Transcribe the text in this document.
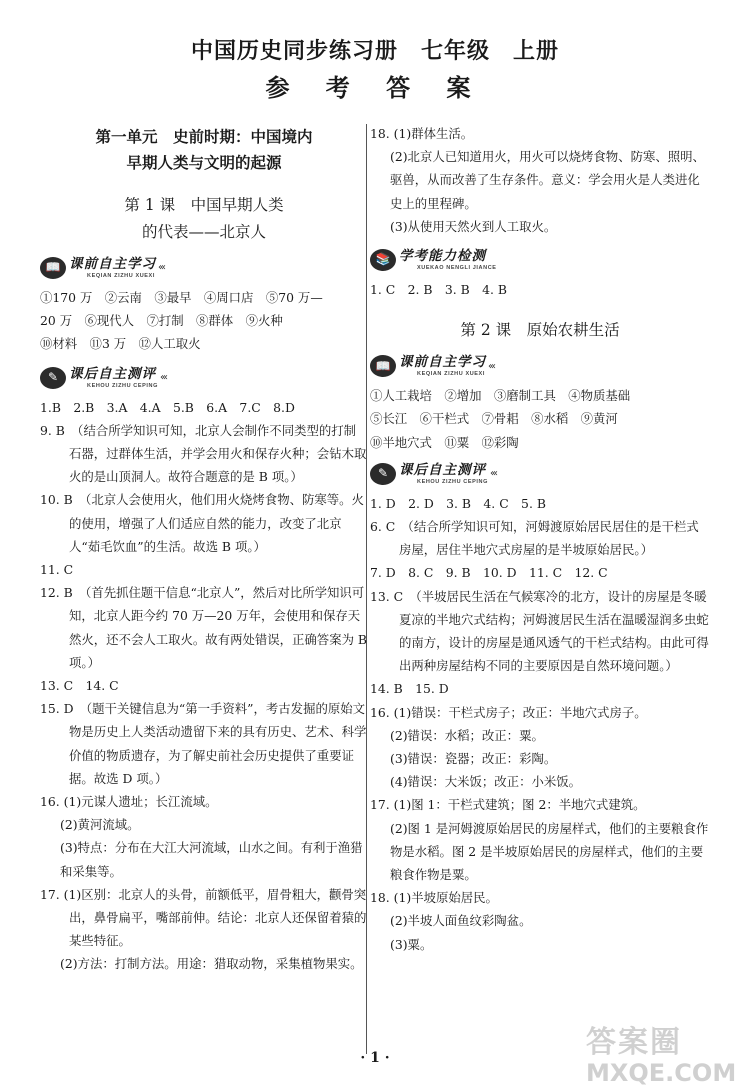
中国历史同步练习册　七年级　上册
参 考 答 案
第一单元　史前时期：中国境内
早期人类与文明的起源
第 1 课　中国早期人类
的代表——北京人
📖 课前自主学习
KEQIAN ZIZHU XUEXI
‹‹‹

①170 万　②云南　③最早　④周口店　⑤70 万—

20 万　⑥现代人　⑦打制　⑧群体　⑨火种

⑩材料　⑪3 万　⑫人工取火

✎ 课后自主测评
KEHOU ZIZHU CEPING
‹‹‹

1.B　2.B　3.A　4.A　5.B　6.A　7.C　8.D

9. B　（结合所学知识可知，北京人会制作不同类型的打制石器，过群体生活，并学会用火和保存火种；会钻木取火的是山顶洞人。故符合题意的是 B 项。）

10. B　（北京人会使用火，他们用火烧烤食物、防寒等。火的使用，增强了人们适应自然的能力，改变了北京人“茹毛饮血”的生活。故选 B 项。）

11. C

12. B　（首先抓住题干信息“北京人”，然后对比所学知识可知，北京人距今约 70 万—20 万年，会使用和保存天然火，还不会人工取火。故有两处错误，正确答案为 B 项。）

13. C　14. C

15. D　（题干关键信息为“第一手资料”，考古发掘的原始文物是历史上人类活动遗留下来的具有历史、艺术、科学价值的物质遗存，为了解史前社会历史提供了重要证据。故选 D 项。）

16. (1)元谋人遗址；长江流域。

(2)黄河流域。

(3)特点：分布在大江大河流域，山水之间。有利于渔猎和采集等。

17. (1)区别：北京人的头骨，前额低平，眉骨粗大，颧骨突出，鼻骨扁平，嘴部前伸。结论：北京人还保留着猿的某些特征。

(2)方法：打制方法。用途：猎取动物，采集植物果实。

18. (1)群体生活。

(2)北京人已知道用火，用火可以烧烤食物、防寒、照明、驱兽，从而改善了生存条件。意义：学会用火是人类进化史上的里程碑。

(3)从使用天然火到人工取火。

📚 学考能力检测
XUEKAO NENGLI JIANCE

1. C　2. B　3. B　4. B

第 2 课　原始农耕生活
📖 课前自主学习
KEQIAN ZIZHU XUEXI
‹‹‹

①人工栽培　②增加　③磨制工具　④物质基础

⑤长江　⑥干栏式　⑦骨耜　⑧水稻　⑨黄河

⑩半地穴式　⑪粟　⑫彩陶

✎ 课后自主测评
KEHOU ZIZHU CEPING
‹‹‹

1. D　2. D　3. B　4. C　5. B

6. C　（结合所学知识可知，河姆渡原始居民居住的是干栏式房屋，居住半地穴式房屋的是半坡原始居民。）

7. D　8. C　9. B　10. D　11. C　12. C

13. C　（半坡居民生活在气候寒冷的北方，设计的房屋是冬暖夏凉的半地穴式结构；河姆渡居民生活在温暖湿润多虫蛇的南方，设计的房屋是通风透气的干栏式结构。由此可得出两种房屋结构不同的主要原因是自然环境问题。）

14. B　15. D

16. (1)错误：干栏式房子；改正：半地穴式房子。

(2)错误：水稻；改正：粟。

(3)错误：瓷器；改正：彩陶。

(4)错误：大米饭；改正：小米饭。

17. (1)图 1：干栏式建筑；图 2：半地穴式建筑。

(2)图 1 是河姆渡原始居民的房屋样式，他们的主要粮食作物是水稻。图 2 是半坡原始居民的房屋样式，他们的主要粮食作物是粟。

18. (1)半坡原始居民。

(2)半坡人面鱼纹彩陶盆。

(3)粟。

· 1 ·	答案圈
MXQE.COM
